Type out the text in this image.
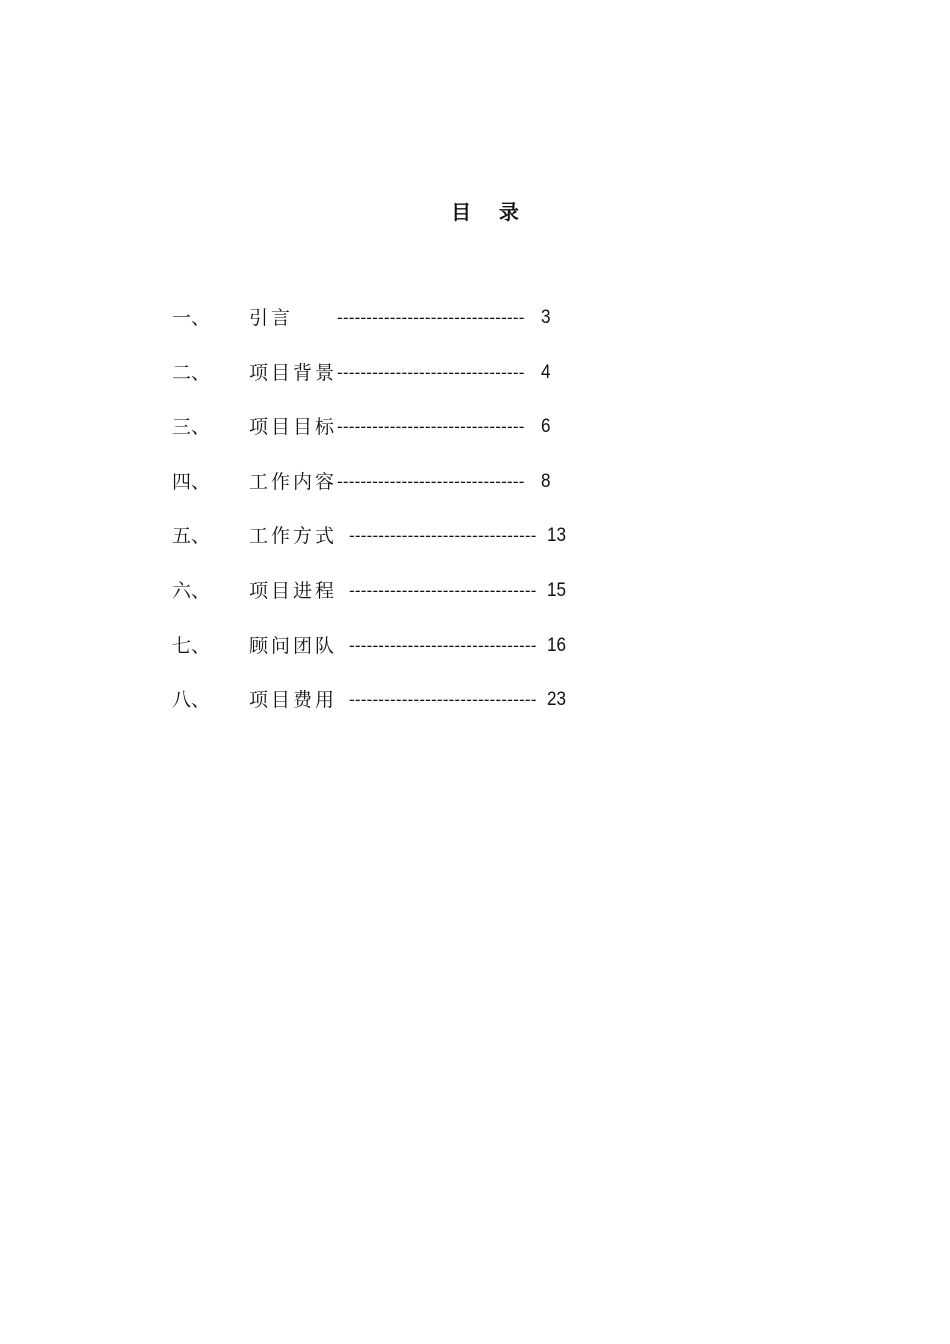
目    录
一、 引言	-------------------------------- 3
二、 项目背景 -------------------------------- 4
三、 项目目标 -------------------------------- 6
四、 工作内容 -------------------------------- 8
五、 工作方式 -------------------------------- 13
六、 项目进程 -------------------------------- 15
七、 顾问团队 -------------------------------- 16
八、 项目费用 -------------------------------- 23
